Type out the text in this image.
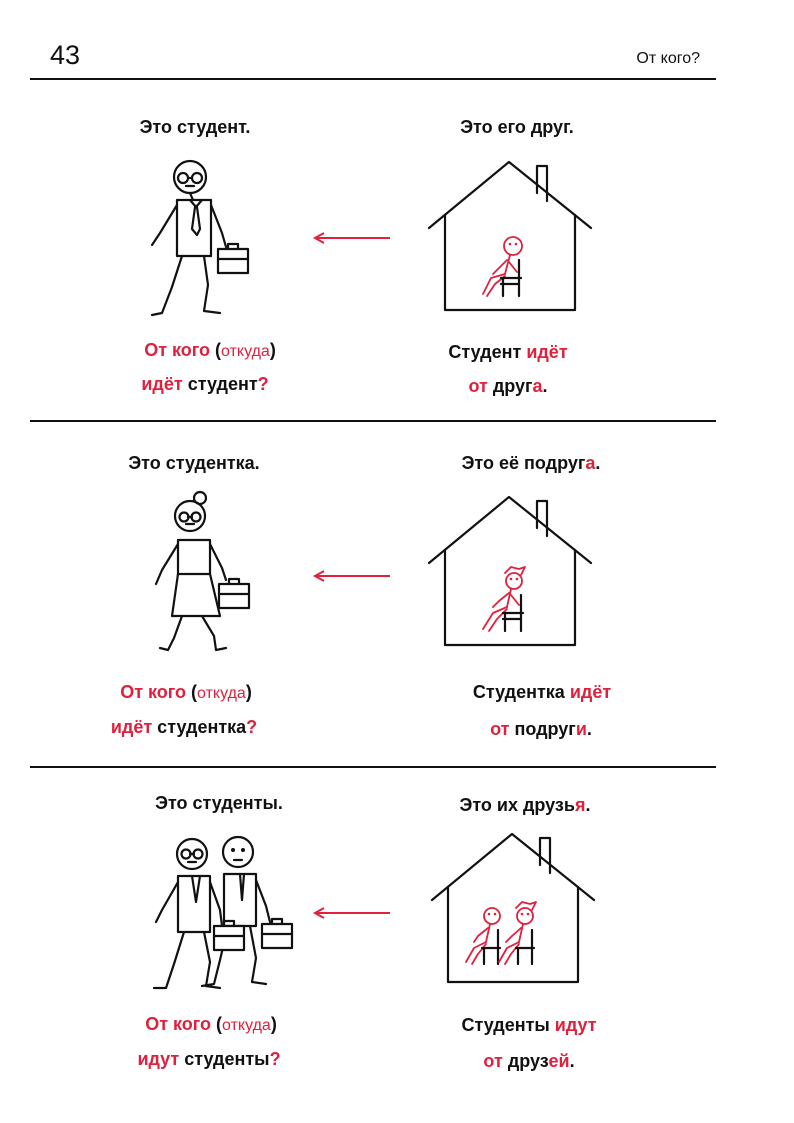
43	От кого?
Это студент.	Это его друг.
От кого (откуда)
идёт студент?
Студент идёт
от друга.
Это студентка.	Это её подруга.
От кого (откуда)
идёт студентка?
Студентка идёт
от подруги.
Это студенты.	Это их друзья.
От кого (откуда)
идут студенты?
Студенты идут
от друзей.
